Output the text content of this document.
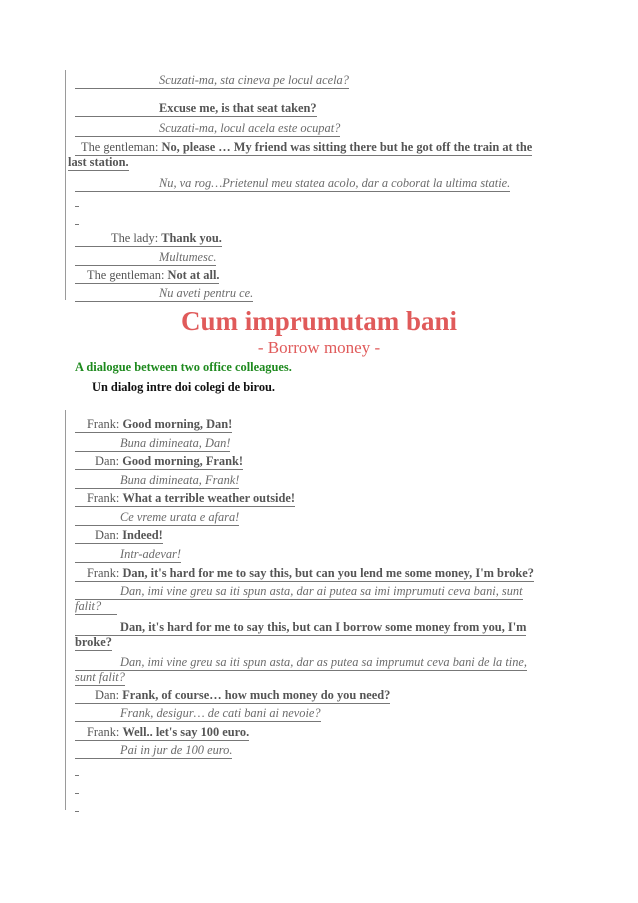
Scuzati-ma, sta cineva pe locul acela?
Excuse me, is that seat taken?
Scuzati-ma, locul acela este ocupat?
The gentleman: No, please … My friend was sitting there but he got off the train at the
last station.
Nu, va rog…Prietenul meu statea acolo, dar a coborat la ultima statie.
The lady: Thank you.
Multumesc.
The gentleman: Not at all.
Nu aveti pentru ce.
Cum imprumutam bani
- Borrow money -
A dialogue between two office colleagues.
Un dialog intre doi colegi de birou.
Frank: Good morning, Dan!
Buna dimineata, Dan!
Dan: Good morning, Frank!
Buna dimineata, Frank!
Frank: What a terrible weather outside!
Ce vreme urata e afara!
Dan: Indeed!
Intr-adevar!
Frank: Dan, it's hard for me to say this, but can you lend me some money, I'm broke?
Dan, imi vine greu sa iti spun asta, dar ai putea sa imi imprumuti ceva bani, sunt
falit?
Dan, it's hard for me to say this, but can I borrow some money from you, I'm
broke?
Dan, imi vine greu sa iti spun asta, dar as putea sa imprumut ceva bani de la tine,
sunt falit?
Dan: Frank, of course… how much money do you need?
Frank, desigur… de cati bani ai nevoie?
Frank: Well.. let's say 100 euro.
Pai in jur de 100 euro.
